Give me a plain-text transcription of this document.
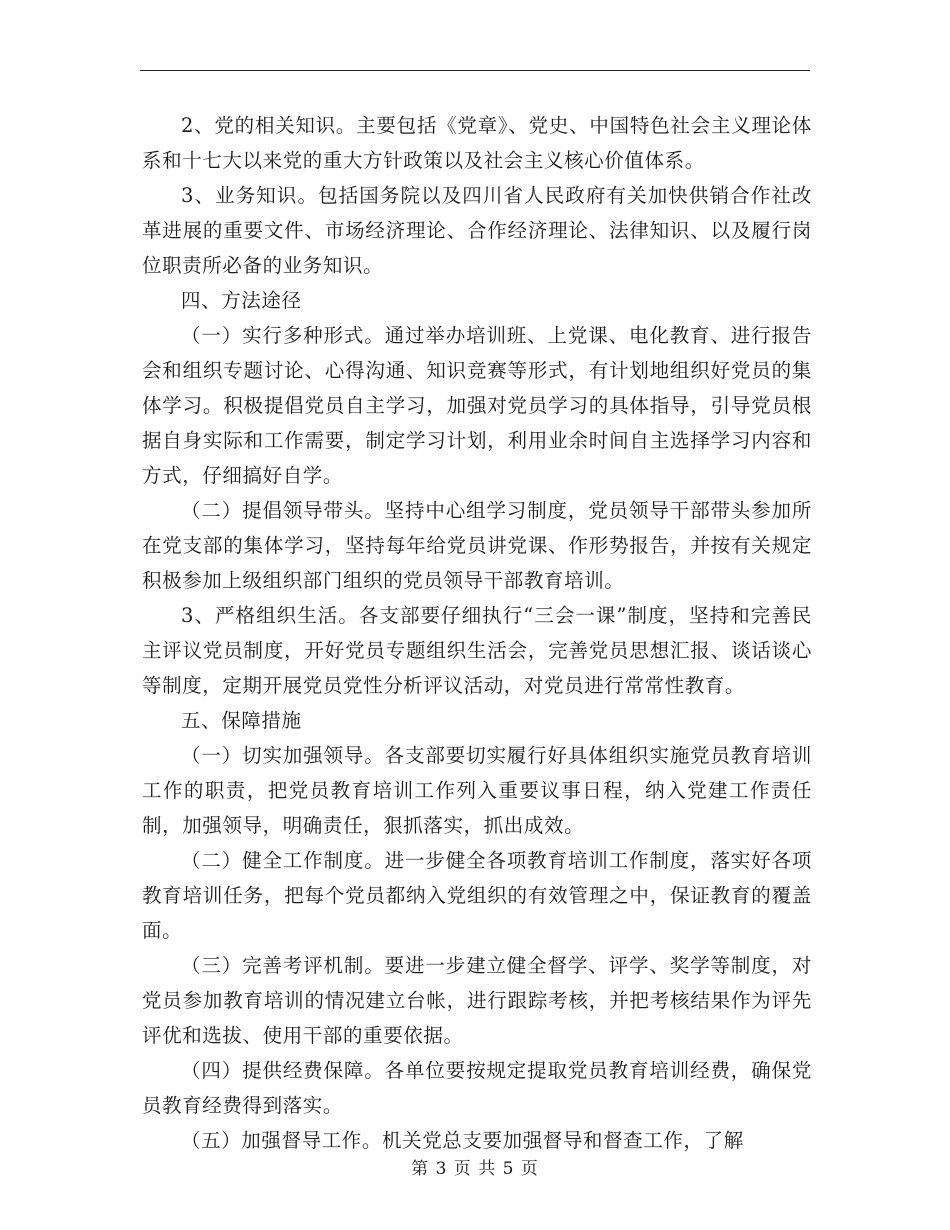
2、党的相关知识。主要包括《党章》、党史、中国特色社会主义理论体系和十七大以来党的重大方针政策以及社会主义核心价值体系。

3、业务知识。包括国务院以及四川省人民政府有关加快供销合作社改革进展的重要文件、市场经济理论、合作经济理论、法律知识、以及履行岗位职责所必备的业务知识。

四、方法途径

（一）实行多种形式。通过举办培训班、上党课、电化教育、进行报告会和组织专题讨论、心得沟通、知识竞赛等形式，有计划地组织好党员的集体学习。积极提倡党员自主学习，加强对党员学习的具体指导，引导党员根据自身实际和工作需要，制定学习计划，利用业余时间自主选择学习内容和方式，仔细搞好自学。

（二）提倡领导带头。坚持中心组学习制度，党员领导干部带头参加所在党支部的集体学习，坚持每年给党员讲党课、作形势报告，并按有关规定积极参加上级组织部门组织的党员领导干部教育培训。

3、严格组织生活。各支部要仔细执行“三会一课”制度，坚持和完善民主评议党员制度，开好党员专题组织生活会，完善党员思想汇报、谈话谈心等制度，定期开展党员党性分析评议活动，对党员进行常常性教育。

五、保障措施

（一）切实加强领导。各支部要切实履行好具体组织实施党员教育培训工作的职责，把党员教育培训工作列入重要议事日程，纳入党建工作责任制，加强领导，明确责任，狠抓落实，抓出成效。

（二）健全工作制度。进一步健全各项教育培训工作制度，落实好各项教育培训任务，把每个党员都纳入党组织的有效管理之中，保证教育的覆盖面。

（三）完善考评机制。要进一步建立健全督学、评学、奖学等制度，对党员参加教育培训的情况建立台帐，进行跟踪考核，并把考核结果作为评先评优和选拔、使用干部的重要依据。

（四）提供经费保障。各单位要按规定提取党员教育培训经费，确保党员教育经费得到落实。

（五）加强督导工作。机关党总支要加强督导和督查工作，了解

第 3 页 共 5 页
